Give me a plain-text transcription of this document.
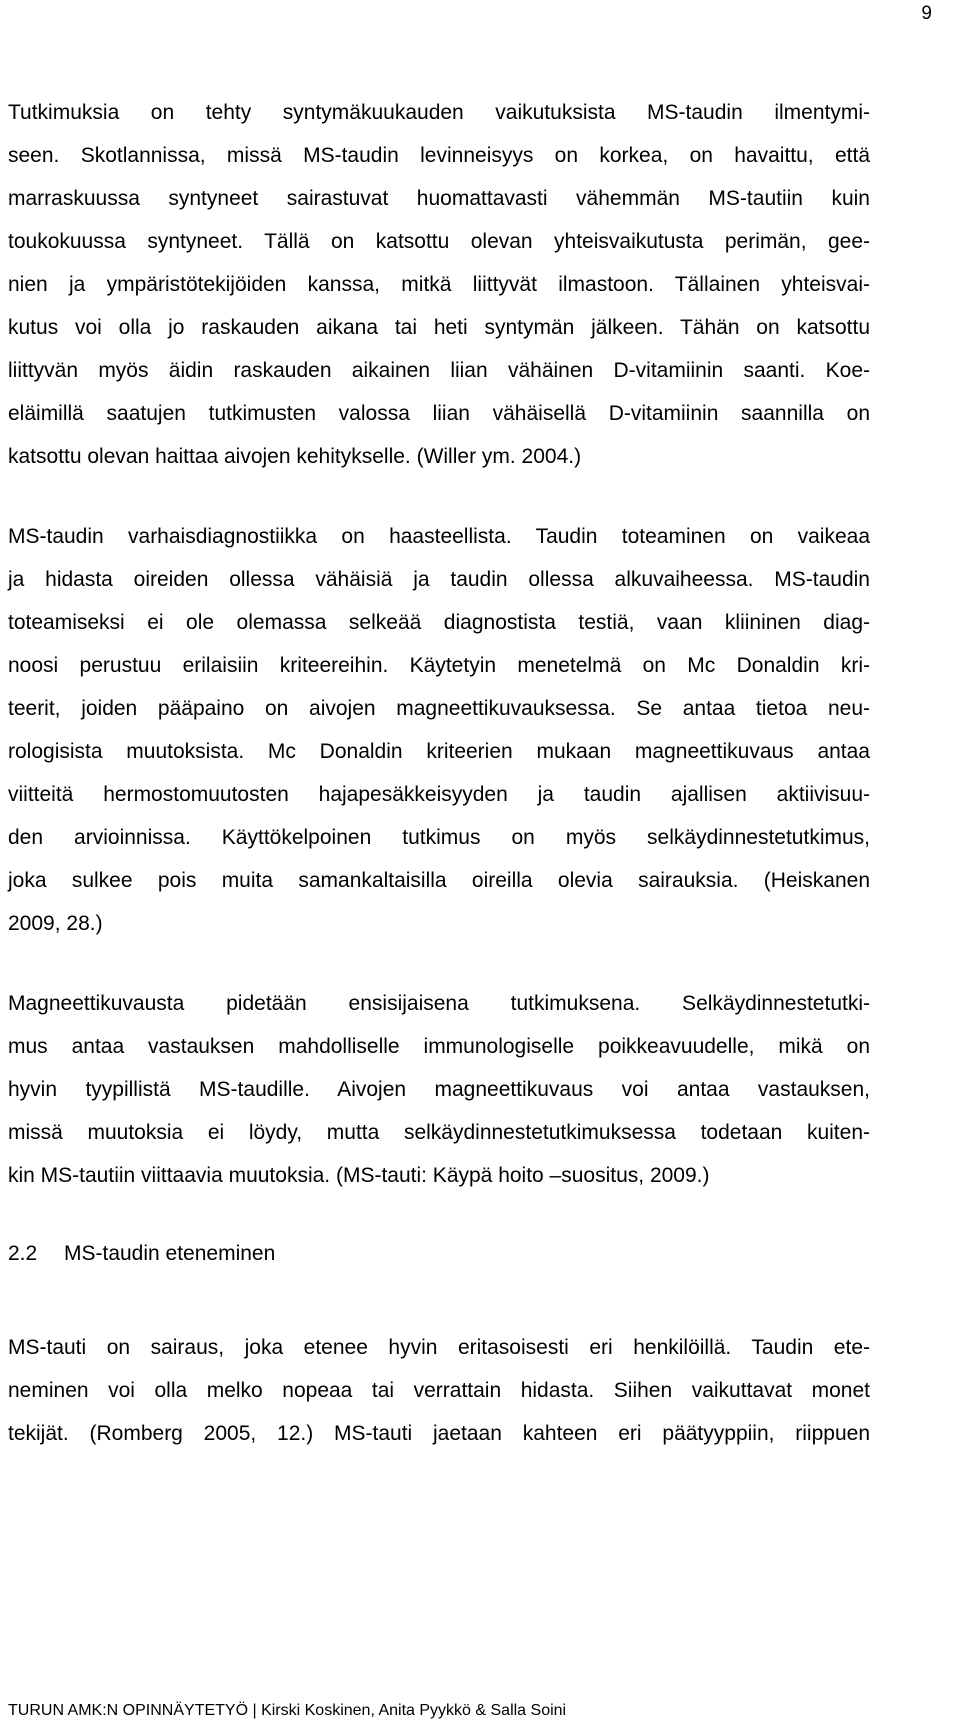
9
Tutkimuksia on tehty syntymäkuukauden vaikutuksista MS-taudin ilmentymi-
seen. Skotlannissa, missä MS-taudin levinneisyys on korkea, on havaittu, että
marraskuussa syntyneet sairastuvat huomattavasti vähemmän MS-tautiin kuin
toukokuussa syntyneet. Tällä on katsottu olevan yhteisvaikutusta perimän, gee-
nien ja ympäristötekijöiden kanssa, mitkä liittyvät ilmastoon. Tällainen yhteisvai-
kutus voi olla jo raskauden aikana tai heti syntymän jälkeen. Tähän on katsottu
liittyvän myös äidin raskauden aikainen liian vähäinen D-vitamiinin saanti. Koe-
eläimillä saatujen tutkimusten valossa liian vähäisellä D-vitamiinin saannilla on
katsottu olevan haittaa aivojen kehitykselle. (Willer ym. 2004.)
MS-taudin varhaisdiagnostiikka on haasteellista. Taudin toteaminen on vaikeaa
ja hidasta oireiden ollessa vähäisiä ja taudin ollessa alkuvaiheessa. MS-taudin
toteamiseksi ei ole olemassa selkeää diagnostista testiä, vaan kliininen diag-
noosi perustuu erilaisiin kriteereihin. Käytetyin menetelmä on Mc Donaldin kri-
teerit, joiden pääpaino on aivojen magneettikuvauksessa. Se antaa tietoa neu-
rologisista muutoksista. Mc Donaldin kriteerien mukaan magneettikuvaus antaa
viitteitä hermostomuutosten hajapesäkkeisyyden ja taudin ajallisen aktiivisuu-
den arvioinnissa. Käyttökelpoinen tutkimus on myös selkäydinnestetutkimus,
joka sulkee pois muita samankaltaisilla oireilla olevia sairauksia. (Heiskanen
2009, 28.)
Magneettikuvausta pidetään ensisijaisena tutkimuksena. Selkäydinnestetutki-
mus antaa vastauksen mahdolliselle immunologiselle poikkeavuudelle, mikä on
hyvin tyypillistä MS-taudille. Aivojen magneettikuvaus voi antaa vastauksen,
missä muutoksia ei löydy, mutta selkäydinnestetutkimuksessa todetaan kuiten-
kin MS-tautiin viittaavia muutoksia. (MS-tauti: Käypä hoito –suositus, 2009.)
2.2 MS-taudin eteneminen
MS-tauti on sairaus, joka etenee hyvin eritasoisesti eri henkilöillä. Taudin ete-
neminen voi olla melko nopeaa tai verrattain hidasta. Siihen vaikuttavat monet
tekijät. (Romberg 2005, 12.) MS-tauti jaetaan kahteen eri päätyyppiin, riippuen
TURUN AMK:N OPINNÄYTETYÖ | Kirski Koskinen, Anita Pyykkö & Salla Soini
